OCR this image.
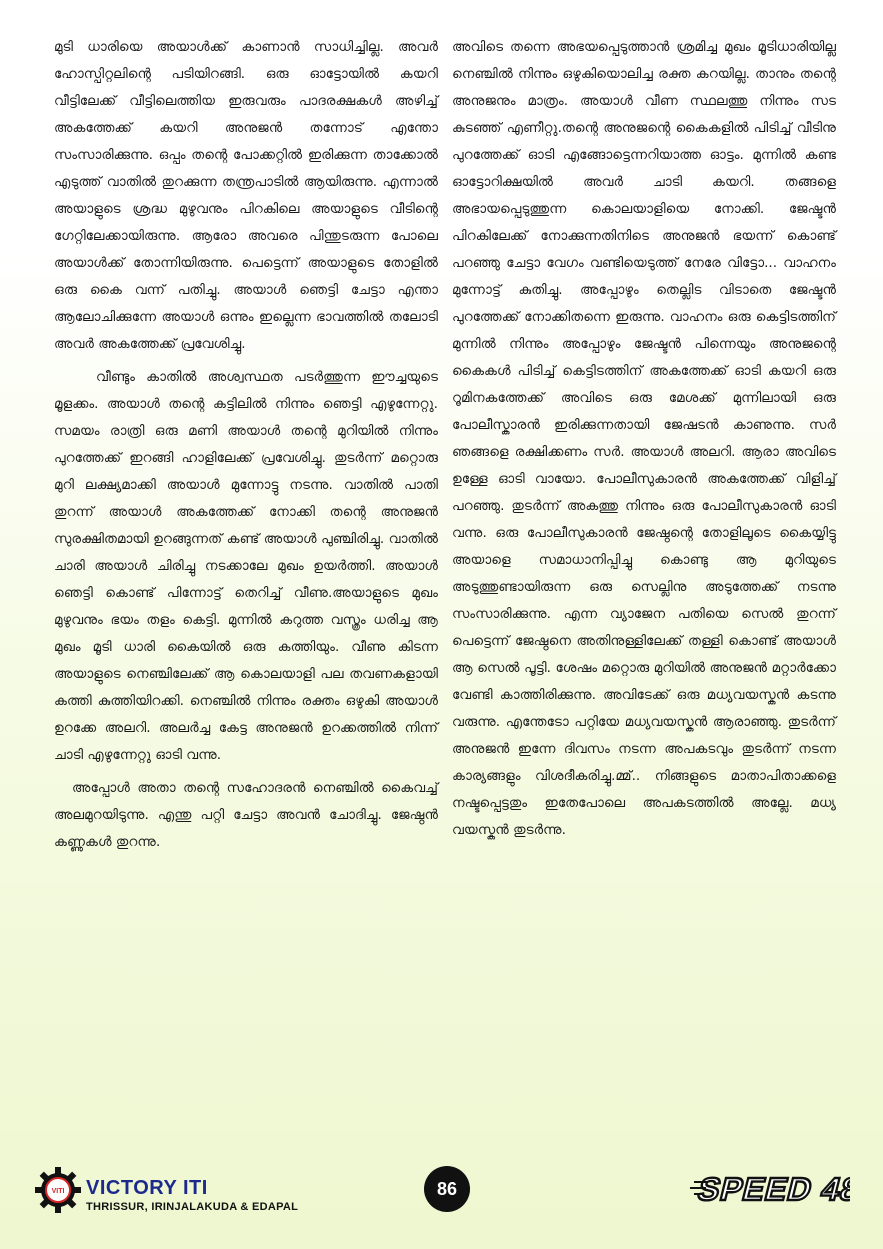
മുടി ധാരിയെ അയാൾക്ക് കാണാൻ സാധിച്ചില്ല. അവർ ഹോസ്പിറ്റലിന്റെ പടിയിറങ്ങി. ഒരു ഓട്ടോയിൽ കയറി വീട്ടിലേക്ക് വീട്ടിലെത്തിയ ഇരുവരും പാദരക്ഷകൾ അഴിച്ച് അകത്തേക്ക് കയറി അനുജൻ തന്നോട് എന്തോ സംസാരിക്കുന്നു. ഒപ്പം തന്റെ പോക്കറ്റിൽ ഇരിക്കുന്ന താക്കോൽ എടുത്ത് വാതിൽ തുറക്കുന്ന തന്ത്രപാടിൽ ആയിരുന്നു. എന്നാൽ അയാളുടെ ശ്രദ്ധ മുഴുവനും പിറകിലെ അയാളുടെ വീടിന്റെ ഗേറ്റിലേക്കായിരുന്നു. ആരോ അവരെ പിന്തുടരുന്ന പോലെ അയാൾക്ക് തോന്നിയിരുന്നു. പെട്ടെന്ന് അയാളുടെ തോളിൽ ഒരു കൈ വന്ന് പതിച്ചു. അയാൾ ഞെട്ടി ചേട്ടാ എന്താ ആലോചിക്കുന്നേ അയാൾ ഒന്നും ഇല്ലെന്ന ഭാവത്തിൽ തലോടി അവർ അകത്തേക്ക് പ്രവേശിച്ചു.

വീണ്ടും കാതിൽ അശ്വസ്ഥത പടർത്തുന്ന ഈച്ചയുടെ മൂളക്കം. അയാൾ തന്റെ കട്ടിലിൽ നിന്നും ഞെട്ടി എഴുന്നേറ്റു. സമയം രാത്രി ഒരു മണി അയാൾ തന്റെ മുറിയിൽ നിന്നും പുറത്തേക്ക് ഇറങ്ങി ഹാളിലേക്ക് പ്രവേശിച്ചു. തുടർന്ന് മറ്റൊരു മുറി ലക്ഷ്യമാക്കി അയാൾ മുന്നോട്ടു നടന്നു. വാതിൽ പാതി തുറന്ന് അയാൾ അകത്തേക്ക് നോക്കി തന്റെ അനുജൻ സുരക്ഷിതമായി ഉറങ്ങുന്നത് കണ്ട് അയാൾ പുഞ്ചിരിച്ചു. വാതിൽ ചാരി അയാൾ ചിരിച്ചു നടക്കാലേ മുഖം ഉയർത്തി. അയാൾ ഞെട്ടി കൊണ്ട് പിന്നോട്ട് തെറിച്ച് വീണു.അയാളുടെ മുഖം മുഴുവനും ഭയം തളം കെട്ടി. മുന്നിൽ കറുത്ത വസ്ത്രം ധരിച്ച ആ മുഖം മൂടി ധാരി കൈയിൽ ഒരു കത്തിയും. വീണു കിടന്ന അയാളുടെ നെഞ്ചിലേക്ക് ആ കൊലയാളി പല തവണകളായി കത്തി കുത്തിയിറക്കി. നെഞ്ചിൽ നിന്നും രക്തം ഒഴുകി അയാൾ ഉറക്കേ അലറി. അലർച്ച കേട്ട അനുജൻ ഉറക്കത്തിൽ നിന്ന് ചാടി എഴുന്നേറ്റു ഓടി വന്നു.

അപ്പോൾ അതാ തന്റെ സഹോദരൻ നെഞ്ചിൽ കൈവച്ച് അലമുറയിടുന്നു. എന്തു പറ്റി ചേട്ടാ അവൻ ചോദിച്ചു. ജേഷ്ഠൻ കണ്ണുകൾ തുറന്നു.

അവിടെ തന്നെ അഭയപ്പെടുത്താൻ ശ്രമിച്ച മുഖം മൂടിധാരിയില്ല നെഞ്ചിൽ നിന്നും ഒഴുകിയൊലിച്ച രക്ത കറയില്ല. താനും തന്റെ അനുജനും മാത്രം. അയാൾ വീണ സ്ഥലത്തു നിന്നും സട കുടഞ്ഞ് എണീറ്റു.തന്റെ അനുജന്റെ കൈകളിൽ പിടിച്ച് വീടിനു പുറത്തേക്ക് ഓടി എങ്ങോട്ടെന്നറിയാത്ത ഓട്ടം. മുന്നിൽ കണ്ട ഓട്ടോറിക്ഷയിൽ അവർ ചാടി കയറി. തങ്ങളെ അഭായപ്പെടുത്തുന്ന കൊലയാളിയെ നോക്കി. ജേഷ്ടൻ പിറകിലേക്ക് നോക്കുന്നതിനിടെ അനുജൻ ഭയന്ന് കൊണ്ട് പറഞ്ഞു ചേട്ടാ വേഗം വണ്ടിയെടുത്ത് നേരേ വിട്ടോ... വാഹനം മുന്നോട്ട് കുതിച്ചു. അപ്പോഴും തെല്ലിട വിടാതെ ജേഷ്ടൻ പുറത്തേക്ക് നോക്കിതന്നെ ഇരുന്നു. വാഹനം ഒരു കെട്ടിടത്തിന് മുന്നിൽ നിന്നും അപ്പോഴും ജേഷ്ടൻ പിന്നെയും അനുജന്റെ കൈകൾ പിടിച്ച് കെട്ടിടത്തിന് അകത്തേക്ക് ഓടി കയറി ഒരു റൂമിനകത്തേക്ക് അവിടെ ഒരു മേശക്ക് മുന്നിലായി ഒരു പോലീസ്കാരൻ ഇരിക്കുന്നതായി ജേഷടൻ കാണുന്നു. സർ ഞങ്ങളെ രക്ഷിക്കണം സർ. അയാൾ അലറി. ആരാ അവിടെ ഉള്ളേ ഓടി വായോ. പോലീസുകാരൻ അകത്തേക്ക് വിളിച്ച് പറഞ്ഞു. തുടർന്ന് അകത്തു നിന്നും ഒരു പോലീസുകാരൻ ഓടി വന്നു. ഒരു പോലീസുകാരൻ ജേഷ്ഠന്റെ തോളിലൂടെ കൈയ്യിട്ടു അയാളെ സമാധാനിപ്പിച്ചു കൊണ്ടു ആ മുറിയുടെ അടുത്തുണ്ടായിരുന്ന ഒരു സെല്ലിനു അടുത്തേക്ക് നടന്നു സംസാരിക്കുന്നു. എന്ന വ്യാജേന പതിയെ സെൽ തുറന്ന് പെട്ടെന്ന് ജേഷ്ഠനെ അതിനുള്ളിലേക്ക് തള്ളി കൊണ്ട് അയാൾ ആ സെൽ പൂട്ടി. ശേഷം മറ്റൊരു മുറിയിൽ അനുജൻ മറ്റാർക്കോ വേണ്ടി കാത്തിരിക്കുന്നു. അവിടേക്ക് ഒരു മധ്യവയസ്കൻ കടന്നു വരുന്നു. എന്തേടോ പറ്റിയേ മധ്യവയസ്കൻ ആരാഞ്ഞു. തുടർന്ന് അനുജൻ ഇന്നേ ദിവസം നടന്ന അപകടവും തുടർന്ന് നടന്ന കാര്യങ്ങളും വിശദീകരിച്ചു.മ്മ്.. നിങ്ങളുടെ മാതാപിതാക്കളെ നഷ്ടപ്പെട്ടതും ഇതേപോലെ അപകടത്തിൽ അല്ലേ. മധ്യ വയസ്കൻ തുടർന്നു.

VITI VICTORY ITI
THRISSUR, IRINJALAKUDA & EDAPAL
86	SPEED 48
